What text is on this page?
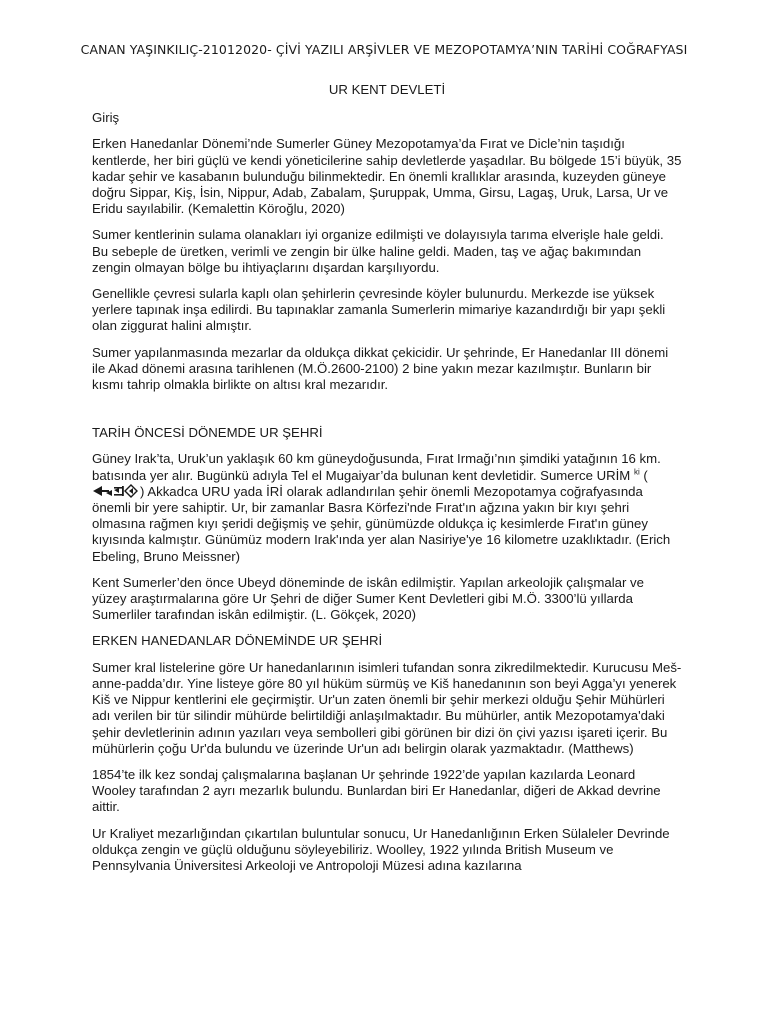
CANAN YAŞINKILIÇ-21012020- ÇİVİ YAZILI ARŞİVLER VE MEZOPOTAMYA’NIN TARİHİ COĞRAFYASI
UR KENT DEVLETİ

Giriş

Erken Hanedanlar Dönemi’nde Sumerler Güney Mezopotamya’da Fırat ve Dicle’nin taşıdığı kentlerde, her biri güçlü ve kendi yöneticilerine sahip devletlerde yaşadılar. Bu bölgede 15’i büyük, 35 kadar şehir ve kasabanın bulunduğu bilinmektedir. En önemli krallıklar arasında, kuzeyden güneye doğru Sippar, Kiş, İsin, Nippur, Adab, Zabalam, Şuruppak, Umma, Girsu, Lagaş, Uruk, Larsa, Ur ve Eridu sayılabilir. (Kemalettin Köroğlu, 2020)

Sumer kentlerinin sulama olanakları iyi organize edilmişti ve dolayısıyla tarıma elverişle hale geldi. Bu sebeple de üretken, verimli ve zengin bir ülke haline geldi. Maden, taş ve ağaç bakımından zengin olmayan bölge bu ihtiyaçlarını dışardan karşılıyordu.

Genellikle çevresi sularla kaplı olan şehirlerin çevresinde köyler bulunurdu. Merkezde ise yüksek yerlere tapınak inşa edilirdi. Bu tapınaklar zamanla Sumerlerin mimariye kazandırdığı bir yapı şekli olan ziggurat halini almıştır.

Sumer yapılanmasında mezarlar da oldukça dikkat çekicidir. Ur şehrinde, Er Hanedanlar III dönemi ile Akad dönemi arasına tarihlenen (M.Ö.2600-2100) 2 bine yakın mezar kazılmıştır. Bunların bir kısmı tahrip olmakla birlikte on altısı kral mezarıdır.

TARİH ÖNCESİ DÖNEMDE UR ŞEHRİ

Güney Irak’ta, Uruk’un yaklaşık 60 km güneydoğusunda, Fırat Irmağı’nın şimdiki yatağının 16 km. batısında yer alır. Bugünkü adıyla Tel el Mugaiyar’da bulunan kent devletidir. Sumerce URİM $^{ki}$ () Akkadca URU yada İRİ olarak adlandırılan şehir önemli Mezopotamya coğrafyasında önemli bir yere sahiptir. Ur, bir zamanlar Basra Körfezi'nde Fırat'ın ağzına yakın bir kıyı şehri olmasına rağmen kıyı şeridi değişmiş ve şehir, günümüzde oldukça iç kesimlerde Fırat'ın güney kıyısında kalmıştır. Günümüz modern Irak'ında yer alan Nasiriye'ye 16 kilometre uzaklıktadır. (Erich Ebeling, Bruno Meissner)

Kent Sumerler’den önce Ubeyd döneminde de iskân edilmiştir. Yapılan arkeolojik çalışmalar ve yüzey araştırmalarına göre Ur Şehri de diğer Sumer Kent Devletleri gibi M.Ö. 3300’lü yıllarda Sumerliler tarafından iskân edilmiştir. (L. Gökçek, 2020)

ERKEN HANEDANLAR DÖNEMİNDE UR ŞEHRİ

Sumer kral listelerine göre Ur hanedanlarının isimleri tufandan sonra zikredilmektedir. Kurucusu Meš-anne-padda’dır. Yine listeye göre 80 yıl hüküm sürmüş ve Kiš hanedanının son beyi Agga’yı yenerek Kiš ve Nippur kentlerini ele geçirmiştir. Ur'un zaten önemli bir şehir merkezi olduğu Şehir Mühürleri adı verilen bir tür silindir mühürde belirtildiği anlaşılmaktadır. Bu mühürler, antik Mezopotamya'daki şehir devletlerinin adının yazıları veya sembolleri gibi görünen bir dizi ön çivi yazısı işareti içerir. Bu mühürlerin çoğu Ur'da bulundu ve üzerinde Ur'un adı belirgin olarak yazmaktadır. (Matthews)

1854’te ilk kez sondaj çalışmalarına başlanan Ur şehrinde 1922’de yapılan kazılarda Leonard Wooley tarafından 2 ayrı mezarlık bulundu. Bunlardan biri Er Hanedanlar, diğeri de Akkad devrine aittir.

Ur Kraliyet mezarlığından çıkartılan buluntular sonucu, Ur Hanedanlığının Erken Sülaleler Devrinde oldukça zengin ve güçlü olduğunu söyleyebiliriz. Woolley, 1922 yılında British Museum ve Pennsylvania Üniversitesi Arkeoloji ve Antropoloji Müzesi adına kazılarına
